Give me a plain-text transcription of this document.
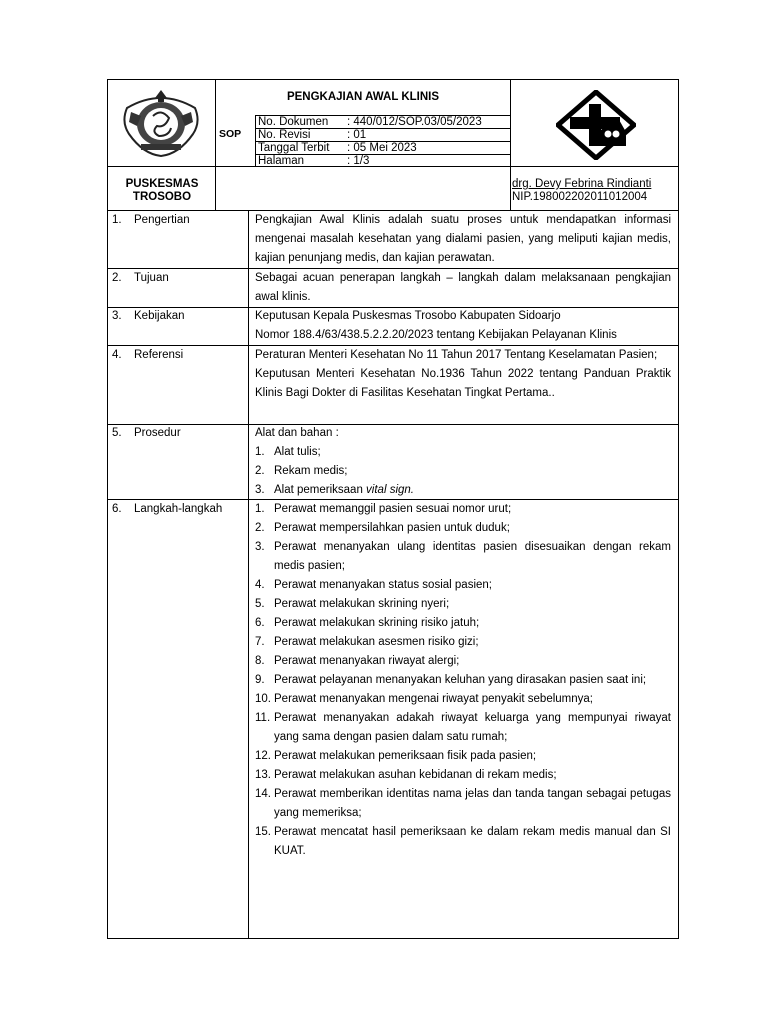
PENGKAJIAN AWAL KLINIS
SOP
No. Dokumen : 440/012/SOP.03/05/2023
No. Revisi	: 01
Tanggal Terbit : 05 Mei 2023
Halaman	: 1/3
PUSKESMAS
TROSOBO
drg. Devy Febrina Rindianti
NIP.198002202011012004
1. Pengertian	Pengkajian Awal Klinis adalah suatu proses untuk mendapatkan informasi mengenai masalah kesehatan yang dialami pasien, yang meliputi kajian medis, kajian penunjang medis, dan kajian perawatan.

2. Tujuan	Sebagai acuan penerapan langkah – langkah dalam melaksanaan pengkajian awal klinis.

3. Kebijakan	Keputusan Kepala Puskesmas Trosobo Kabupaten Sidoarjo

Nomor 188.4/63/438.5.2.2.20/2023 tentang Kebijakan Pelayanan Klinis

4. Referensi	Peraturan Menteri Kesehatan No 11 Tahun 2017 Tentang Keselamatan Pasien;

Keputusan Menteri Kesehatan No.1936 Tahun 2022 tentang Panduan Praktik Klinis Bagi Dokter di Fasilitas Kesehatan Tingkat Pertama..

5. Prosedur	Alat dan bahan :
1. Alat tulis;
2. Rekam medis;
3. Alat pemeriksaan vital sign.
6. Langkah-langkah	1. Perawat memanggil pasien sesuai nomor urut;
2. Perawat mempersilahkan pasien untuk duduk;
3. Perawat menanyakan ulang identitas pasien disesuaikan dengan rekam medis pasien;
4. Perawat menanyakan status sosial pasien;
5. Perawat melakukan skrining nyeri;
6. Perawat melakukan skrining risiko jatuh;
7. Perawat melakukan asesmen risiko gizi;
8. Perawat menanyakan riwayat alergi;
9. Perawat pelayanan menanyakan keluhan yang dirasakan pasien saat ini;
10. Perawat menanyakan mengenai riwayat penyakit sebelumnya;
11. Perawat menanyakan adakah riwayat keluarga yang mempunyai riwayat yang sama dengan pasien dalam satu rumah;
12. Perawat melakukan pemeriksaan fisik pada pasien;
13. Perawat melakukan asuhan kebidanan di rekam medis;
14. Perawat memberikan identitas nama jelas dan tanda tangan sebagai petugas yang memeriksa;
15. Perawat mencatat hasil pemeriksaan ke dalam rekam medis manual dan SI KUAT.
